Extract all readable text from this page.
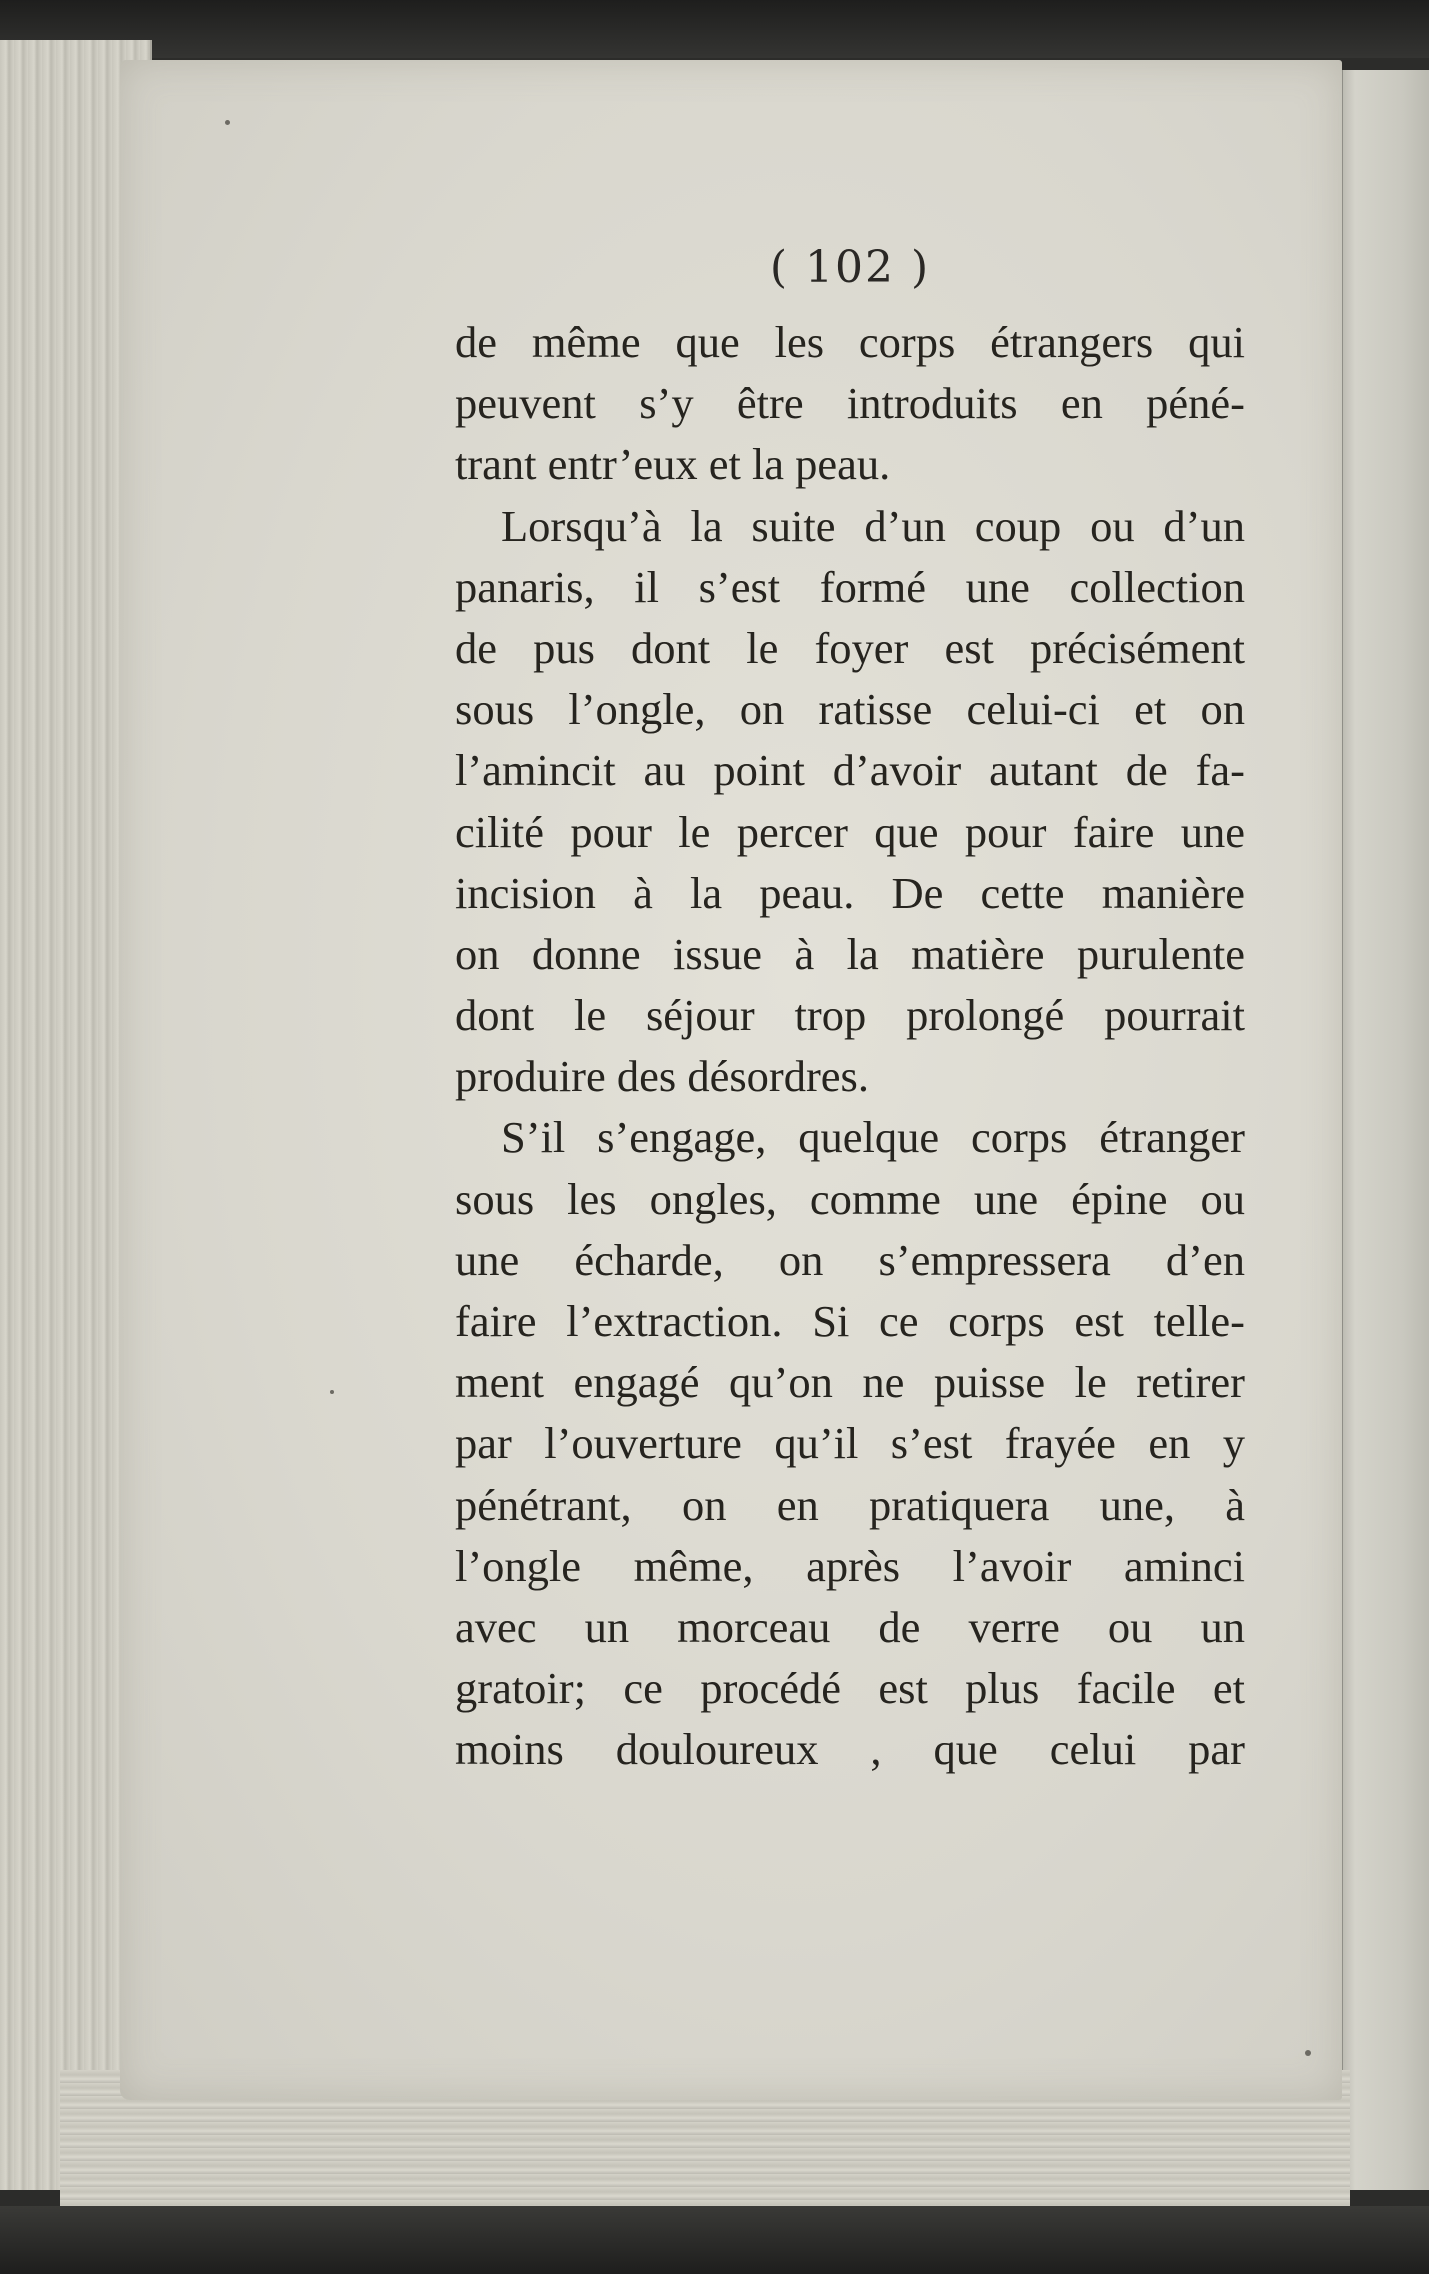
( 102 )
de même que les corps étrangers qui
peuvent s’y être introduits en péné-
trant entr’eux et la peau.
Lorsqu’à la suite d’un coup ou d’un
panaris, il s’est formé une collection
de pus dont le foyer est précisément
sous l’ongle, on ratisse celui-ci et on
l’amincit au point d’avoir autant de fa-
cilité pour le percer que pour faire une
incision à la peau. De cette manière
on donne issue à la matière purulente
dont le séjour trop prolongé pourrait
produire des désordres.
S’il s’engage, quelque corps étranger
sous les ongles, comme une épine ou
une écharde, on s’empressera d’en
faire l’extraction. Si ce corps est telle-
ment engagé qu’on ne puisse le retirer
par l’ouverture qu’il s’est frayée en y
pénétrant, on en pratiquera une, à
l’ongle même, après l’avoir aminci
avec un morceau de verre ou un
gratoir; ce procédé est plus facile et
moins douloureux , que celui par
